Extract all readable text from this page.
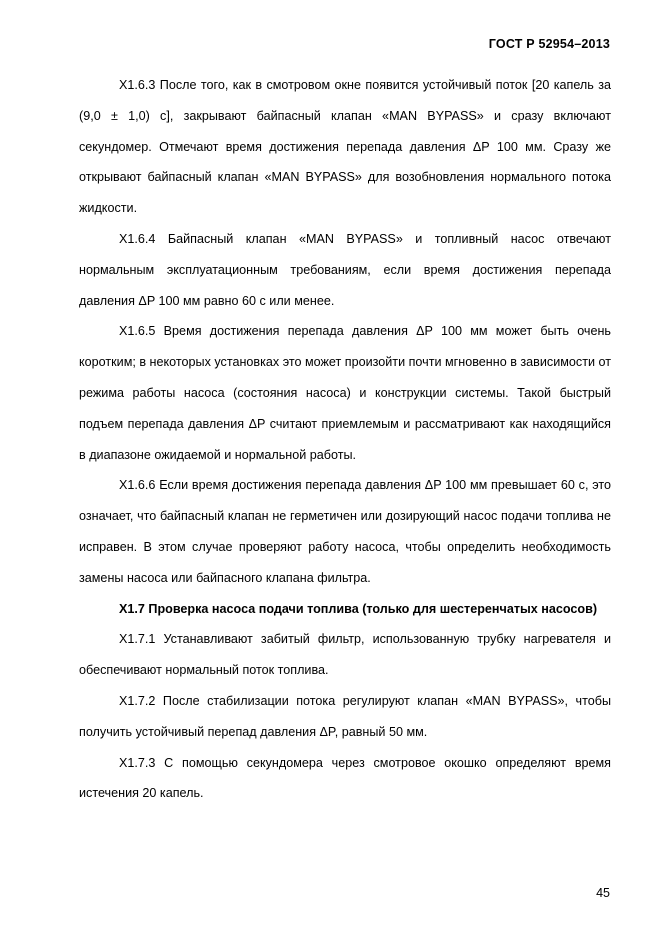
ГОСТ Р 52954–2013

Х1.6.3 После того, как в смотровом окне появится устойчивый поток [20 капель за (9,0 ± 1,0) с], закрывают байпасный клапан «MAN BYPASS» и сразу включают секундомер. Отмечают время достижения перепада давления ΔP 100 мм. Сразу же открывают байпасный клапан «MAN BYPASS» для возобновления нормального потока жидкости.

Х1.6.4 Байпасный клапан «MAN BYPASS» и топливный насос отвечают нормальным эксплуатационным требованиям, если время достижения перепада давления ΔP 100 мм равно 60 с или менее.

Х1.6.5 Время достижения перепада давления ΔP 100 мм может быть очень коротким; в некоторых установках это может произойти почти мгновенно в зависимости от режима работы насоса (состояния насоса) и конструкции системы. Такой быстрый подъем перепада давления ΔP считают приемлемым и рассматривают как находящийся в диапазоне ожидаемой и нормальной работы.

Х1.6.6 Если время достижения перепада давления ΔP 100 мм превышает 60 с, это означает, что байпасный клапан не герметичен или дозирующий насос подачи топлива не исправен. В этом случае проверяют работу насоса, чтобы определить необходимость замены насоса или байпасного клапана фильтра.

Х1.7 Проверка насоса подачи топлива (только для шестеренчатых насосов)

Х1.7.1 Устанавливают забитый фильтр, использованную трубку нагревателя и обеспечивают нормальный поток топлива.

Х1.7.2 После стабилизации потока регулируют клапан «MAN BYPASS», чтобы получить устойчивый перепад давления ΔP, равный 50 мм.

Х1.7.3 С помощью секундомера через смотровое окошко определяют время истечения 20 капель.

45
